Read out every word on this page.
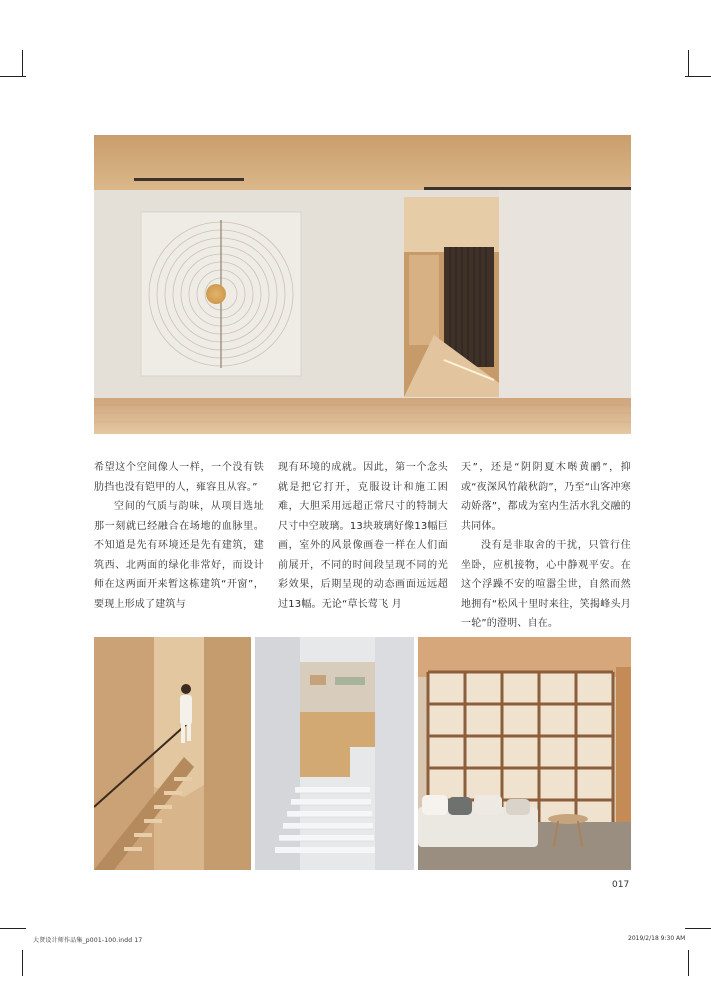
希望这个空间像人一样，一个没有铁肋挡也没有铠甲的人，雍容且从容。”

空间的气质与韵味，从项目选址那一刻就已经融合在场地的血脉里。不知道是先有环境还是先有建筑，建筑西、北两面的绿化非常好，而设计师在这两面开来暂这栋建筑“开窗”，要现上形成了建筑与

现有环境的成就。因此，第一个念头就是把它打开，克服设计和施工困难，大胆采用远超正常尺寸的特制大尺寸中空玻璃。13块玻璃好像13幅巨画，室外的风景像画卷一样在人们面前展开，不同的时间段呈现不同的光彩效果，后期呈现的动态画面远远超过13幅。无论“草长莺飞 月

天”，还是“阴阴夏木啭黄鹂”，抑或“夜深风竹敲秋韵”，乃至“山客冲寒动娇落”，都成为室内生活水乳交融的共同体。

没有是非取舍的干扰，只管行住坐卧，应机接物，心中静观平安。在这个浮躁不安的喧嚣尘世，自然而然地拥有“松风十里时来往，笑揭峰头月一轮”的澄明、自在。

017
大贤设计师作品集_p001-100.indd 17	2019/2/18 9:30 AM
